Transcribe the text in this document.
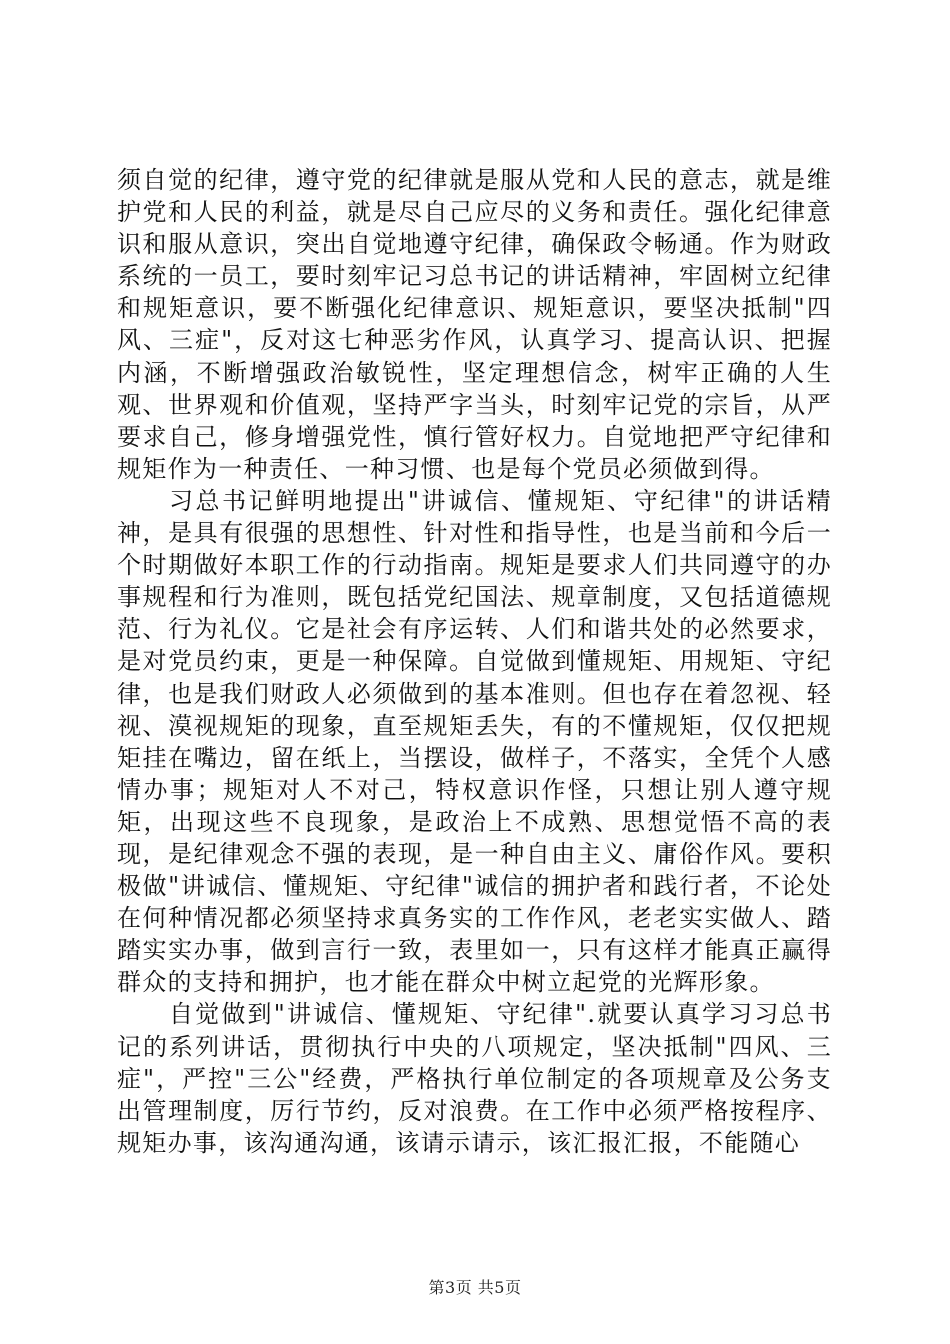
须自觉的纪律，遵守党的纪律就是服从党和人民的意志，就是维护党和人民的利益，就是尽自己应尽的义务和责任。强化纪律意识和服从意识，突出自觉地遵守纪律，确保政令畅通。作为财政系统的一员工，要时刻牢记习总书记的讲话精神，牢固树立纪律和规矩意识，要不断强化纪律意识、规矩意识，要坚决抵制"四风、三症"，反对这七种恶劣作风，认真学习、提高认识、把握内涵，不断增强政治敏锐性，坚定理想信念，树牢正确的人生观、世界观和价值观，坚持严字当头，时刻牢记党的宗旨，从严要求自己，修身增强党性，慎行管好权力。自觉地把严守纪律和规矩作为一种责任、一种习惯、也是每个党员必须做到得。

习总书记鲜明地提出"讲诚信、懂规矩、守纪律"的讲话精神，是具有很强的思想性、针对性和指导性，也是当前和今后一个时期做好本职工作的行动指南。规矩是要求人们共同遵守的办事规程和行为准则，既包括党纪国法、规章制度，又包括道德规范、行为礼仪。它是社会有序运转、人们和谐共处的必然要求，是对党员约束，更是一种保障。自觉做到懂规矩、用规矩、守纪律，也是我们财政人必须做到的基本准则。但也存在着忽视、轻视、漠视规矩的现象，直至规矩丢失，有的不懂规矩，仅仅把规矩挂在嘴边，留在纸上，当摆设，做样子，不落实，全凭个人感情办事；规矩对人不对己，特权意识作怪，只想让别人遵守规矩，出现这些不良现象，是政治上不成熟、思想觉悟不高的表现，是纪律观念不强的表现，是一种自由主义、庸俗作风。要积极做"讲诚信、懂规矩、守纪律"诚信的拥护者和践行者，不论处在何种情况都必须坚持求真务实的工作作风，老老实实做人、踏踏实实办事，做到言行一致，表里如一，只有这样才能真正赢得群众的支持和拥护，也才能在群众中树立起党的光辉形象。

自觉做到"讲诚信、懂规矩、守纪律".就要认真学习习总书记的系列讲话，贯彻执行中央的八项规定，坚决抵制"四风、三症"，严控"三公"经费，严格执行单位制定的各项规章及公务支出管理制度，厉行节约，反对浪费。在工作中必须严格按程序、规矩办事，该沟通沟通，该请示请示，该汇报汇报，不能随心

第3页 共5页
